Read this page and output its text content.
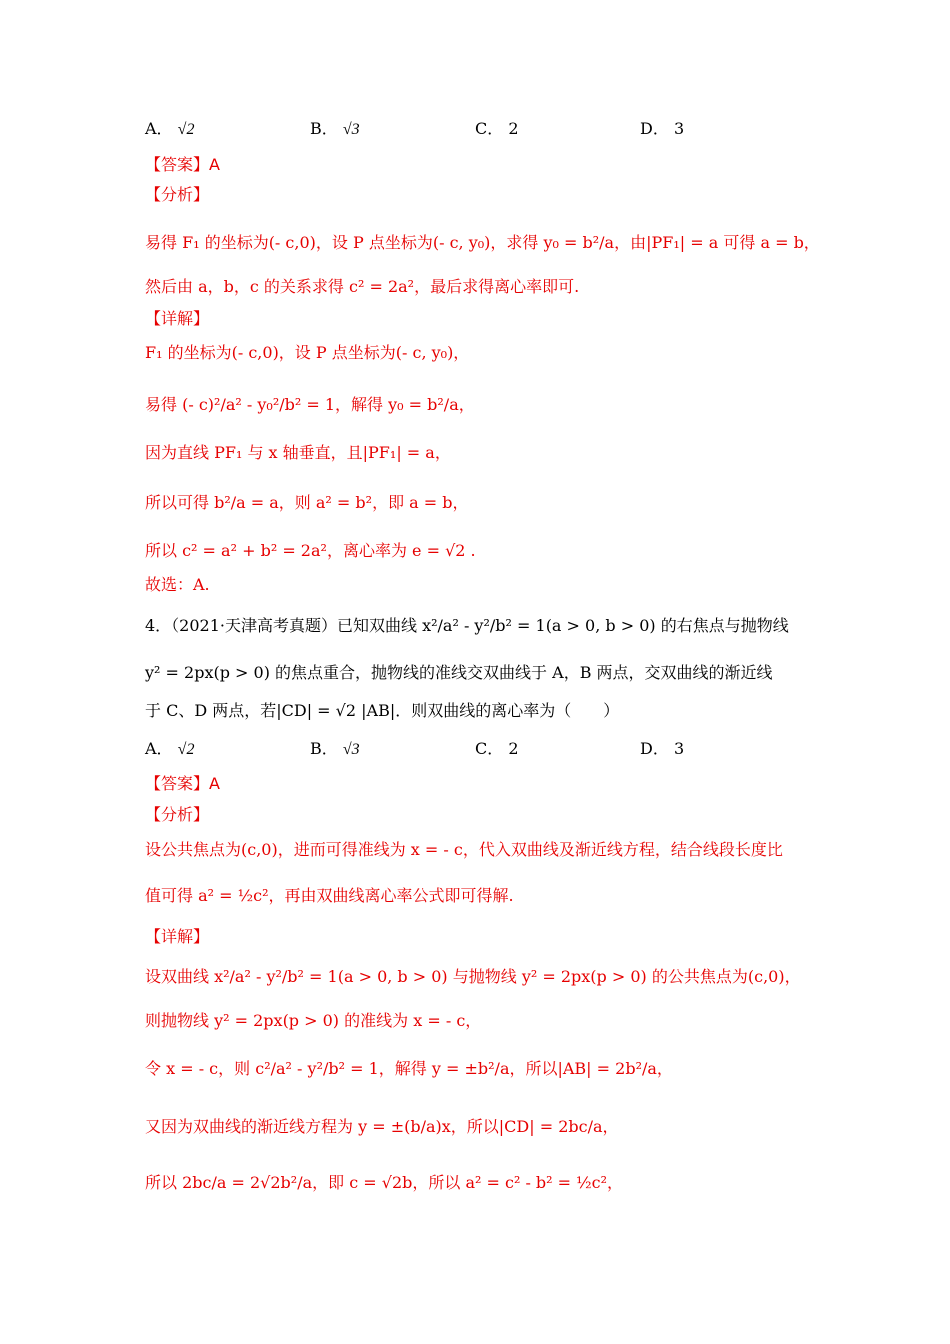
A． √2	B． √3	C． 2	D． 3
【答案】A
【分析】
易得 F₁ 的坐标为(- c,0)，设 P 点坐标为(- c, y₀)，求得 y₀ = b²/a，由|PF₁| = a 可得 a = b，
然后由 a，b，c 的关系求得 c² = 2a²，最后求得离心率即可.
【详解】
F₁ 的坐标为(- c,0)，设 P 点坐标为(- c, y₀)，
易得 (- c)²/a² - y₀²/b² = 1，解得 y₀ = b²/a，
因为直线 PF₁ 与 x 轴垂直，且|PF₁| = a，
所以可得 b²/a = a，则 a² = b²，即 a = b，
所以 c² = a² + b² = 2a²，离心率为 e = √2 .
故选：A.
4．（2021·天津高考真题）已知双曲线 x²/a² - y²/b² = 1(a > 0, b > 0) 的右焦点与抛物线
y² = 2px(p > 0) 的焦点重合，抛物线的准线交双曲线于 A，B 两点，交双曲线的渐近线
于 C、D 两点，若|CD| = √2 |AB|．则双曲线的离心率为（　　）
A． √2	B． √3	C． 2	D． 3
【答案】A
【分析】
设公共焦点为(c,0)，进而可得准线为 x = - c，代入双曲线及渐近线方程，结合线段长度比
值可得 a² = ½c²，再由双曲线离心率公式即可得解.
【详解】
设双曲线 x²/a² - y²/b² = 1(a > 0, b > 0) 与抛物线 y² = 2px(p > 0) 的公共焦点为(c,0)，
则抛物线 y² = 2px(p > 0) 的准线为 x = - c，
令 x = - c，则 c²/a² - y²/b² = 1，解得 y = ±b²/a，所以|AB| = 2b²/a，
又因为双曲线的渐近线方程为 y = ±(b/a)x，所以|CD| = 2bc/a，
所以 2bc/a = 2√2b²/a，即 c = √2b，所以 a² = c² - b² = ½c²，
